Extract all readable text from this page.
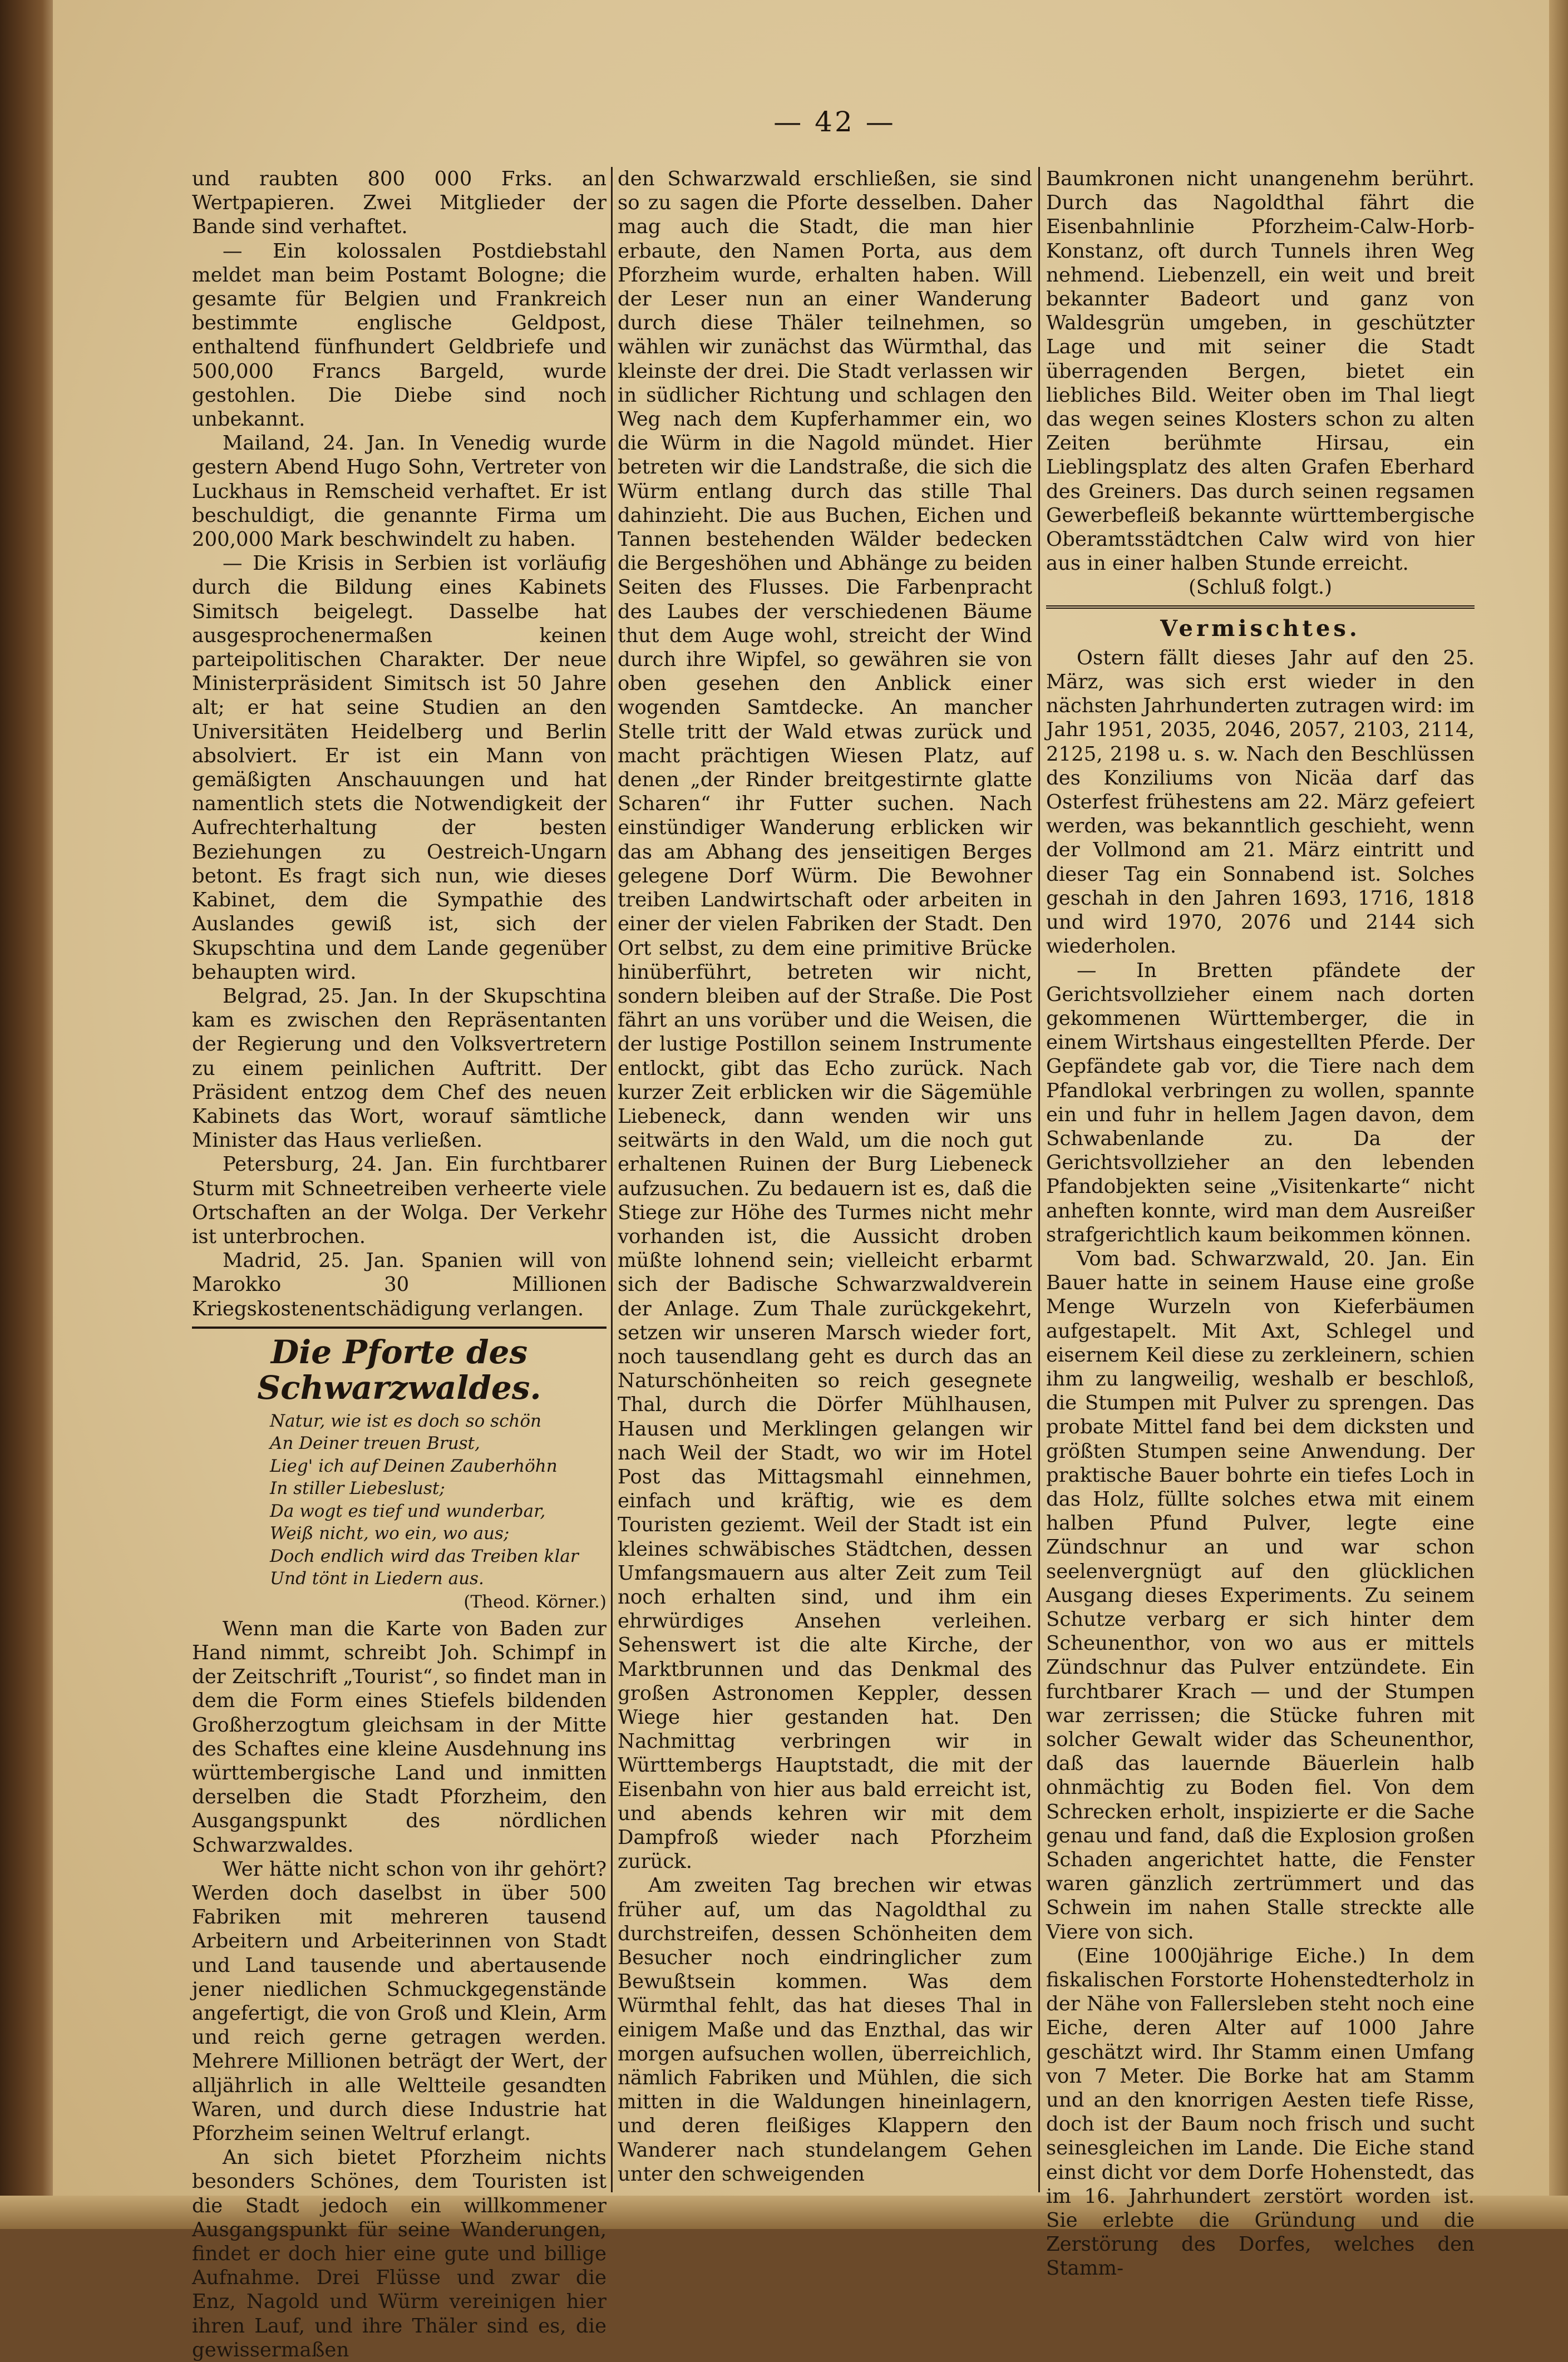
— 42 —

und raubten 800 000 Frks. an Wertpapieren. Zwei Mitglieder der Bande sind verhaftet.

— Ein kolossalen Postdiebstahl meldet man beim Postamt Bologne; die gesamte für Belgien und Frankreich bestimmte englische Geldpost, enthaltend fünfhundert Geldbriefe und 500,000 Francs Bargeld, wurde gestohlen. Die Diebe sind noch unbekannt.

Mailand, 24. Jan. In Venedig wurde gestern Abend Hugo Sohn, Vertreter von Luckhaus in Remscheid verhaftet. Er ist beschuldigt, die genannte Firma um 200,000 Mark beschwindelt zu haben.

— Die Krisis in Serbien ist vorläufig durch die Bildung eines Kabinets Simitsch beigelegt. Dasselbe hat ausgesprochenermaßen keinen parteipolitischen Charakter. Der neue Ministerpräsident Simitsch ist 50 Jahre alt; er hat seine Studien an den Universitäten Heidelberg und Berlin absolviert. Er ist ein Mann von gemäßigten Anschauungen und hat namentlich stets die Notwendigkeit der Aufrechterhaltung der besten Beziehungen zu Oestreich-Ungarn betont. Es fragt sich nun, wie dieses Kabinet, dem die Sympathie des Auslandes gewiß ist, sich der Skupschtina und dem Lande gegenüber behaupten wird.

Belgrad, 25. Jan. In der Skupschtina kam es zwischen den Repräsentanten der Regierung und den Volksvertretern zu einem peinlichen Auftritt. Der Präsident entzog dem Chef des neuen Kabinets das Wort, worauf sämtliche Minister das Haus verließen.

Petersburg, 24. Jan. Ein furchtbarer Sturm mit Schneetreiben verheerte viele Ortschaften an der Wolga. Der Verkehr ist unterbrochen.

Madrid, 25. Jan. Spanien will von Marokko 30 Millionen Kriegskostenentschädigung verlangen.

Die Pforte des Schwarzwaldes.
Natur, wie ist es doch so schön
An Deiner treuen Brust,
Lieg' ich auf Deinen Zauberhöhn
In stiller Liebeslust;
Da wogt es tief und wunderbar,
Weiß nicht, wo ein, wo aus;
Doch endlich wird das Treiben klar
Und tönt in Liedern aus.
(Theod. Körner.)

Wenn man die Karte von Baden zur Hand nimmt, schreibt Joh. Schimpf in der Zeitschrift „Tourist“, so findet man in dem die Form eines Stiefels bildenden Großherzogtum gleichsam in der Mitte des Schaftes eine kleine Ausdehnung ins württembergische Land und inmitten derselben die Stadt Pforzheim, den Ausgangspunkt des nördlichen Schwarzwaldes.

Wer hätte nicht schon von ihr gehört? Werden doch daselbst in über 500 Fabriken mit mehreren tausend Arbeitern und Arbeiterinnen von Stadt und Land tausende und abertausende jener niedlichen Schmuckgegenstände angefertigt, die von Groß und Klein, Arm und reich gerne getragen werden. Mehrere Millionen beträgt der Wert, der alljährlich in alle Weltteile gesandten Waren, und durch diese Industrie hat Pforzheim seinen Weltruf erlangt.

An sich bietet Pforzheim nichts besonders Schönes, dem Touristen ist die Stadt jedoch ein willkommener Ausgangspunkt für seine Wanderungen, findet er doch hier eine gute und billige Aufnahme. Drei Flüsse und zwar die Enz, Nagold und Würm vereinigen hier ihren Lauf, und ihre Thäler sind es, die gewissermaßen

den Schwarzwald erschließen, sie sind so zu sagen die Pforte desselben. Daher mag auch die Stadt, die man hier erbaute, den Namen Porta, aus dem Pforzheim wurde, erhalten haben. Will der Leser nun an einer Wanderung durch diese Thäler teilnehmen, so wählen wir zunächst das Würmthal, das kleinste der drei. Die Stadt verlassen wir in südlicher Richtung und schlagen den Weg nach dem Kupferhammer ein, wo die Würm in die Nagold mündet. Hier betreten wir die Landstraße, die sich die Würm entlang durch das stille Thal dahinzieht. Die aus Buchen, Eichen und Tannen bestehenden Wälder bedecken die Bergeshöhen und Abhänge zu beiden Seiten des Flusses. Die Farbenpracht des Laubes der verschiedenen Bäume thut dem Auge wohl, streicht der Wind durch ihre Wipfel, so gewähren sie von oben gesehen den Anblick einer wogenden Samtdecke. An mancher Stelle tritt der Wald etwas zurück und macht prächtigen Wiesen Platz, auf denen „der Rinder breitgestirnte glatte Scharen“ ihr Futter suchen. Nach einstündiger Wanderung erblicken wir das am Abhang des jenseitigen Berges gelegene Dorf Würm. Die Bewohner treiben Landwirtschaft oder arbeiten in einer der vielen Fabriken der Stadt. Den Ort selbst, zu dem eine primitive Brücke hinüberführt, betreten wir nicht, sondern bleiben auf der Straße. Die Post fährt an uns vorüber und die Weisen, die der lustige Postillon seinem Instrumente entlockt, gibt das Echo zurück. Nach kurzer Zeit erblicken wir die Sägemühle Liebeneck, dann wenden wir uns seitwärts in den Wald, um die noch gut erhaltenen Ruinen der Burg Liebeneck aufzusuchen. Zu bedauern ist es, daß die Stiege zur Höhe des Turmes nicht mehr vorhanden ist, die Aussicht droben müßte lohnend sein; vielleicht erbarmt sich der Badische Schwarzwaldverein der Anlage. Zum Thale zurückgekehrt, setzen wir unseren Marsch wieder fort, noch tausendlang geht es durch das an Naturschönheiten so reich gesegnete Thal, durch die Dörfer Mühlhausen, Hausen und Merklingen gelangen wir nach Weil der Stadt, wo wir im Hotel Post das Mittagsmahl einnehmen, einfach und kräftig, wie es dem Touristen geziemt. Weil der Stadt ist ein kleines schwäbisches Städtchen, dessen Umfangsmauern aus alter Zeit zum Teil noch erhalten sind, und ihm ein ehrwürdiges Ansehen verleihen. Sehenswert ist die alte Kirche, der Marktbrunnen und das Denkmal des großen Astronomen Keppler, dessen Wiege hier gestanden hat. Den Nachmittag verbringen wir in Württembergs Hauptstadt, die mit der Eisenbahn von hier aus bald erreicht ist, und abends kehren wir mit dem Dampfroß wieder nach Pforzheim zurück.

Am zweiten Tag brechen wir etwas früher auf, um das Nagoldthal zu durchstreifen, dessen Schönheiten dem Besucher noch eindringlicher zum Bewußtsein kommen. Was dem Würmthal fehlt, das hat dieses Thal in einigem Maße und das Enzthal, das wir morgen aufsuchen wollen, überreichlich, nämlich Fabriken und Mühlen, die sich mitten in die Waldungen hineinlagern, und deren fleißiges Klappern den Wanderer nach stundelangem Gehen unter den schweigenden

Baumkronen nicht unangenehm berührt. Durch das Nagoldthal fährt die Eisenbahnlinie Pforzheim-Calw-Horb-Konstanz, oft durch Tunnels ihren Weg nehmend. Liebenzell, ein weit und breit bekannter Badeort und ganz von Waldesgrün umgeben, in geschützter Lage und mit seiner die Stadt überragenden Bergen, bietet ein liebliches Bild. Weiter oben im Thal liegt das wegen seines Klosters schon zu alten Zeiten berühmte Hirsau, ein Lieblingsplatz des alten Grafen Eberhard des Greiners. Das durch seinen regsamen Gewerbefleiß bekannte württembergische Oberamtsstädtchen Calw wird von hier aus in einer halben Stunde erreicht.

(Schluß folgt.)
Vermischtes.

Ostern fällt dieses Jahr auf den 25. März, was sich erst wieder in den nächsten Jahrhunderten zutragen wird: im Jahr 1951, 2035, 2046, 2057, 2103, 2114, 2125, 2198 u. s. w. Nach den Beschlüssen des Konziliums von Nicäa darf das Osterfest frühestens am 22. März gefeiert werden, was bekanntlich geschieht, wenn der Vollmond am 21. März eintritt und dieser Tag ein Sonnabend ist. Solches geschah in den Jahren 1693, 1716, 1818 und wird 1970, 2076 und 2144 sich wiederholen.

— In Bretten pfändete der Gerichtsvollzieher einem nach dorten gekommenen Württemberger, die in einem Wirtshaus eingestellten Pferde. Der Gepfändete gab vor, die Tiere nach dem Pfandlokal verbringen zu wollen, spannte ein und fuhr in hellem Jagen davon, dem Schwabenlande zu. Da der Gerichtsvollzieher an den lebenden Pfandobjekten seine „Visitenkarte“ nicht anheften konnte, wird man dem Ausreißer strafgerichtlich kaum beikommen können.

Vom bad. Schwarzwald, 20. Jan. Ein Bauer hatte in seinem Hause eine große Menge Wurzeln von Kieferbäumen aufgestapelt. Mit Axt, Schlegel und eisernem Keil diese zu zerkleinern, schien ihm zu langweilig, weshalb er beschloß, die Stumpen mit Pulver zu sprengen. Das probate Mittel fand bei dem dicksten und größten Stumpen seine Anwendung. Der praktische Bauer bohrte ein tiefes Loch in das Holz, füllte solches etwa mit einem halben Pfund Pulver, legte eine Zündschnur an und war schon seelenvergnügt auf den glücklichen Ausgang dieses Experiments. Zu seinem Schutze verbarg er sich hinter dem Scheunenthor, von wo aus er mittels Zündschnur das Pulver entzündete. Ein furchtbarer Krach — und der Stumpen war zerrissen; die Stücke fuhren mit solcher Gewalt wider das Scheunenthor, daß das lauernde Bäuerlein halb ohnmächtig zu Boden fiel. Von dem Schrecken erholt, inspizierte er die Sache genau und fand, daß die Explosion großen Schaden angerichtet hatte, die Fenster waren gänzlich zertrümmert und das Schwein im nahen Stalle streckte alle Viere von sich.

(Eine 1000jährige Eiche.) In dem fiskalischen Forstorte Hohenstedterholz in der Nähe von Fallersleben steht noch eine Eiche, deren Alter auf 1000 Jahre geschätzt wird. Ihr Stamm einen Umfang von 7 Meter. Die Borke hat am Stamm und an den knorrigen Aesten tiefe Risse, doch ist der Baum noch frisch und sucht seinesgleichen im Lande. Die Eiche stand einst dicht vor dem Dorfe Hohenstedt, das im 16. Jahrhundert zerstört worden ist. Sie erlebte die Gründung und die Zerstörung des Dorfes, welches den Stamm-
